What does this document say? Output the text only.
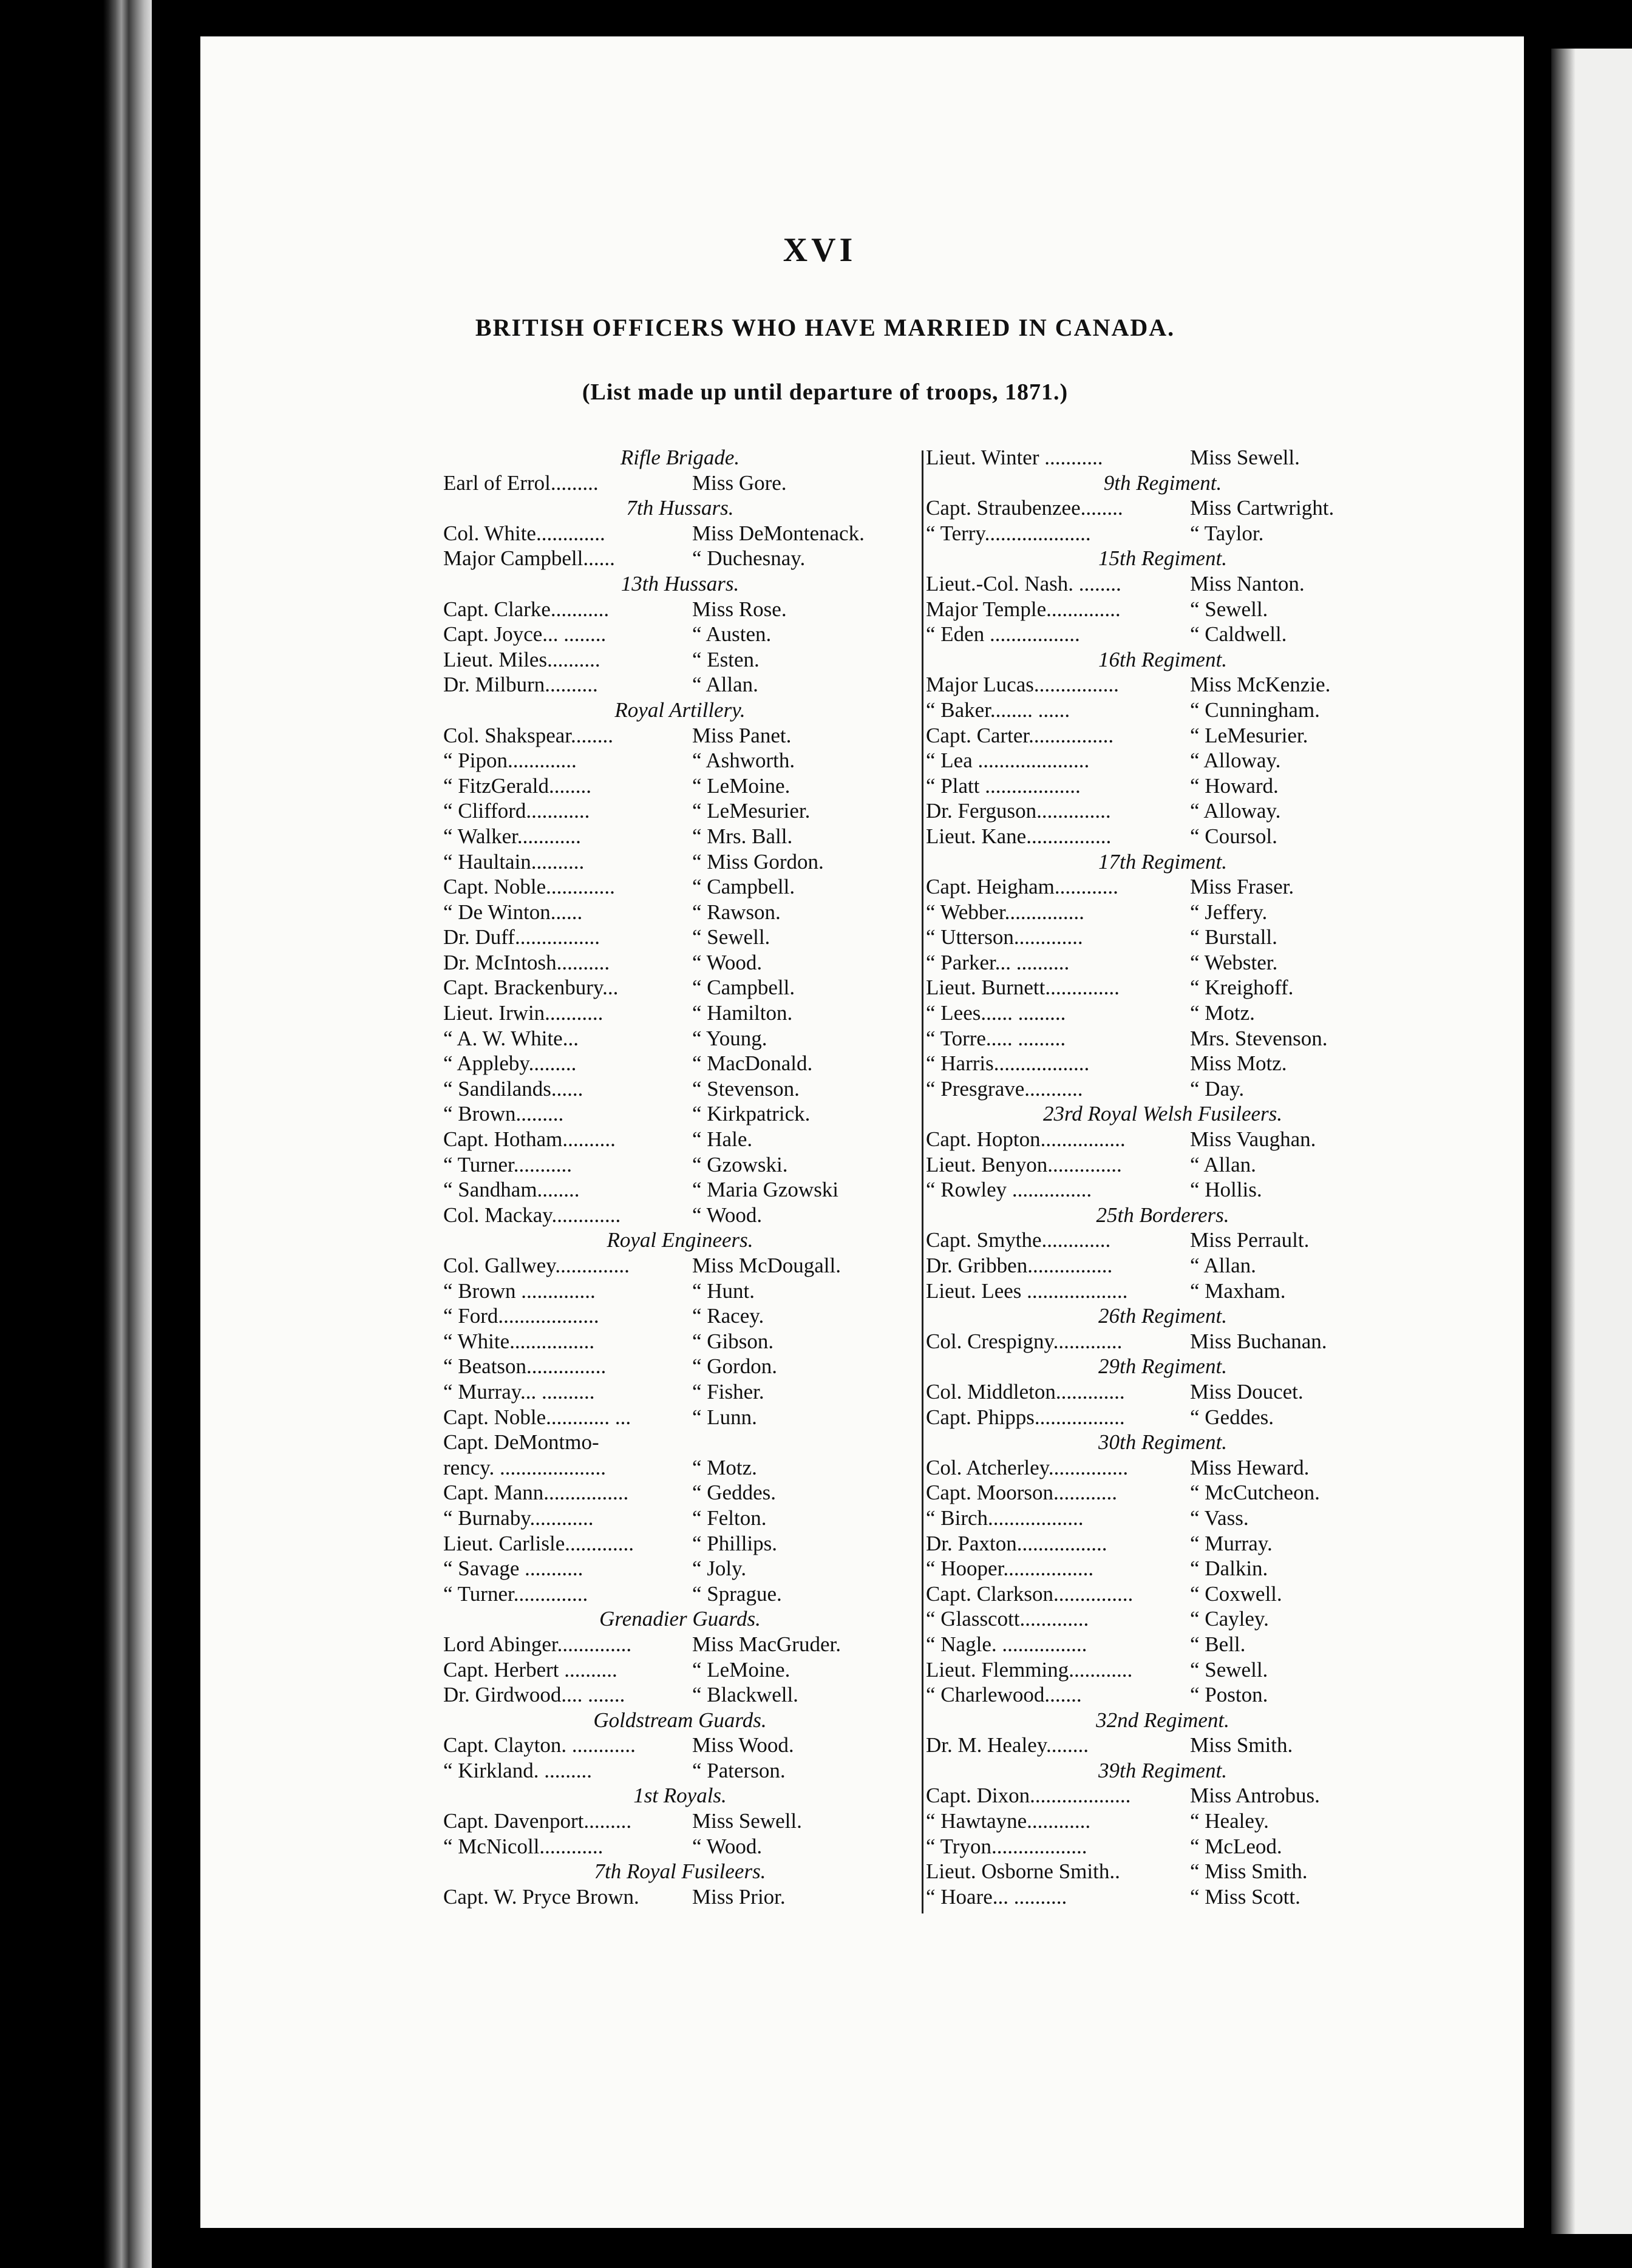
XVI
BRITISH OFFICERS WHO HAVE MARRIED IN CANADA.
(List made up until departure of troops, 1871.)
Rifle Brigade.
Earl of Errol.........	Miss Gore.
7th Hussars.
Col. White.............	Miss DeMontenack.
Major Campbell......	“ Duchesnay.
13th Hussars.
Capt. Clarke...........	Miss Rose.
Capt. Joyce... ........	“ Austen.
Lieut. Miles..........	“ Esten.
Dr. Milburn..........	“ Allan.
Royal Artillery.
Col. Shakspear........	Miss Panet.
“ Pipon.............	“ Ashworth.
“ FitzGerald........	“ LeMoine.
“ Clifford............	“ LeMesurier.
“ Walker............	“ Mrs. Ball.
“ Haultain..........	“ Miss Gordon.
Capt. Noble.............	“ Campbell.
“ De Winton......	“ Rawson.
Dr. Duff................	“ Sewell.
Dr. McIntosh..........	“ Wood.
Capt. Brackenbury...	“ Campbell.
Lieut. Irwin...........	“ Hamilton.
“ A. W. White...	“ Young.
“ Appleby.........	“ MacDonald.
“ Sandilands......	“ Stevenson.
“ Brown.........	“ Kirkpatrick.
Capt. Hotham..........	“ Hale.
“ Turner...........	“ Gzowski.
“ Sandham........	“ Maria Gzowski
Col. Mackay.............	“ Wood.
Royal Engineers.
Col. Gallwey..............	Miss McDougall.
“ Brown ..............	“ Hunt.
“ Ford...................	“ Racey.
“ White................	“ Gibson.
“ Beatson...............	“ Gordon.
“ Murray... ..........	“ Fisher.
Capt. Noble............ ...	“ Lunn.
Capt. DeMontmo-
rency. ....................	“ Motz.
Capt. Mann................	“ Geddes.
“ Burnaby............	“ Felton.
Lieut. Carlisle.............	“ Phillips.
“ Savage ...........	“ Joly.
“ Turner..............	“ Sprague.
Grenadier Guards.
Lord Abinger..............	Miss MacGruder.
Capt. Herbert ..........	“ LeMoine.
Dr. Girdwood.... .......	“ Blackwell.
Goldstream Guards.
Capt. Clayton. ............	Miss Wood.
“ Kirkland. .........	“ Paterson.
1st Royals.
Capt. Davenport.........	Miss Sewell.
“ McNicoll............	“ Wood.
7th Royal Fusileers.
Capt. W. Pryce Brown. Miss Prior.
Lieut. Winter ...........	Miss Sewell.
9th Regiment.
Capt. Straubenzee........	Miss Cartwright.
“ Terry....................	“ Taylor.
15th Regiment.
Lieut.-Col. Nash. ........	Miss Nanton.
Major Temple..............	“ Sewell.
“ Eden .................	“ Caldwell.
16th Regiment.
Major Lucas................	Miss McKenzie.
“ Baker........ ......	“ Cunningham.
Capt. Carter................	“ LeMesurier.
“ Lea .....................	“ Alloway.
“ Platt ..................	“ Howard.
Dr. Ferguson..............	“ Alloway.
Lieut. Kane................	“ Coursol.
17th Regiment.
Capt. Heigham............	Miss Fraser.
“ Webber...............	“ Jeffery.
“ Utterson.............	“ Burstall.
“ Parker... ..........	“ Webster.
Lieut. Burnett..............	“ Kreighoff.
“ Lees...... .........	“ Motz.
“ Torre..... .........	Mrs. Stevenson.
“ Harris..................	Miss Motz.
“ Presgrave...........	“ Day.
23rd Royal Welsh Fusileers.
Capt. Hopton................	Miss Vaughan.
Lieut. Benyon..............	“ Allan.
“ Rowley ...............	“ Hollis.
25th Borderers.
Capt. Smythe.............	Miss Perrault.
Dr. Gribben................	“ Allan.
Lieut. Lees ...................	“ Maxham.
26th Regiment.
Col. Crespigny.............	Miss Buchanan.
29th Regiment.
Col. Middleton.............	Miss Doucet.
Capt. Phipps.................	“ Geddes.
30th Regiment.
Col. Atcherley...............	Miss Heward.
Capt. Moorson............	“ McCutcheon.
“ Birch..................	“ Vass.
Dr. Paxton.................	“ Murray.
“ Hooper.................	“ Dalkin.
Capt. Clarkson...............	“ Coxwell.
“ Glasscott.............	“ Cayley.
“ Nagle. ................	“ Bell.
Lieut. Flemming............	“ Sewell.
“ Charlewood.......	“ Poston.
32nd Regiment.
Dr. M. Healey........	Miss Smith.
39th Regiment.
Capt. Dixon...................	Miss Antrobus.
“ Hawtayne............	“ Healey.
“ Tryon..................	“ McLeod.
Lieut. Osborne Smith..	“ Miss Smith.
“ Hoare... ..........	“ Miss Scott.
